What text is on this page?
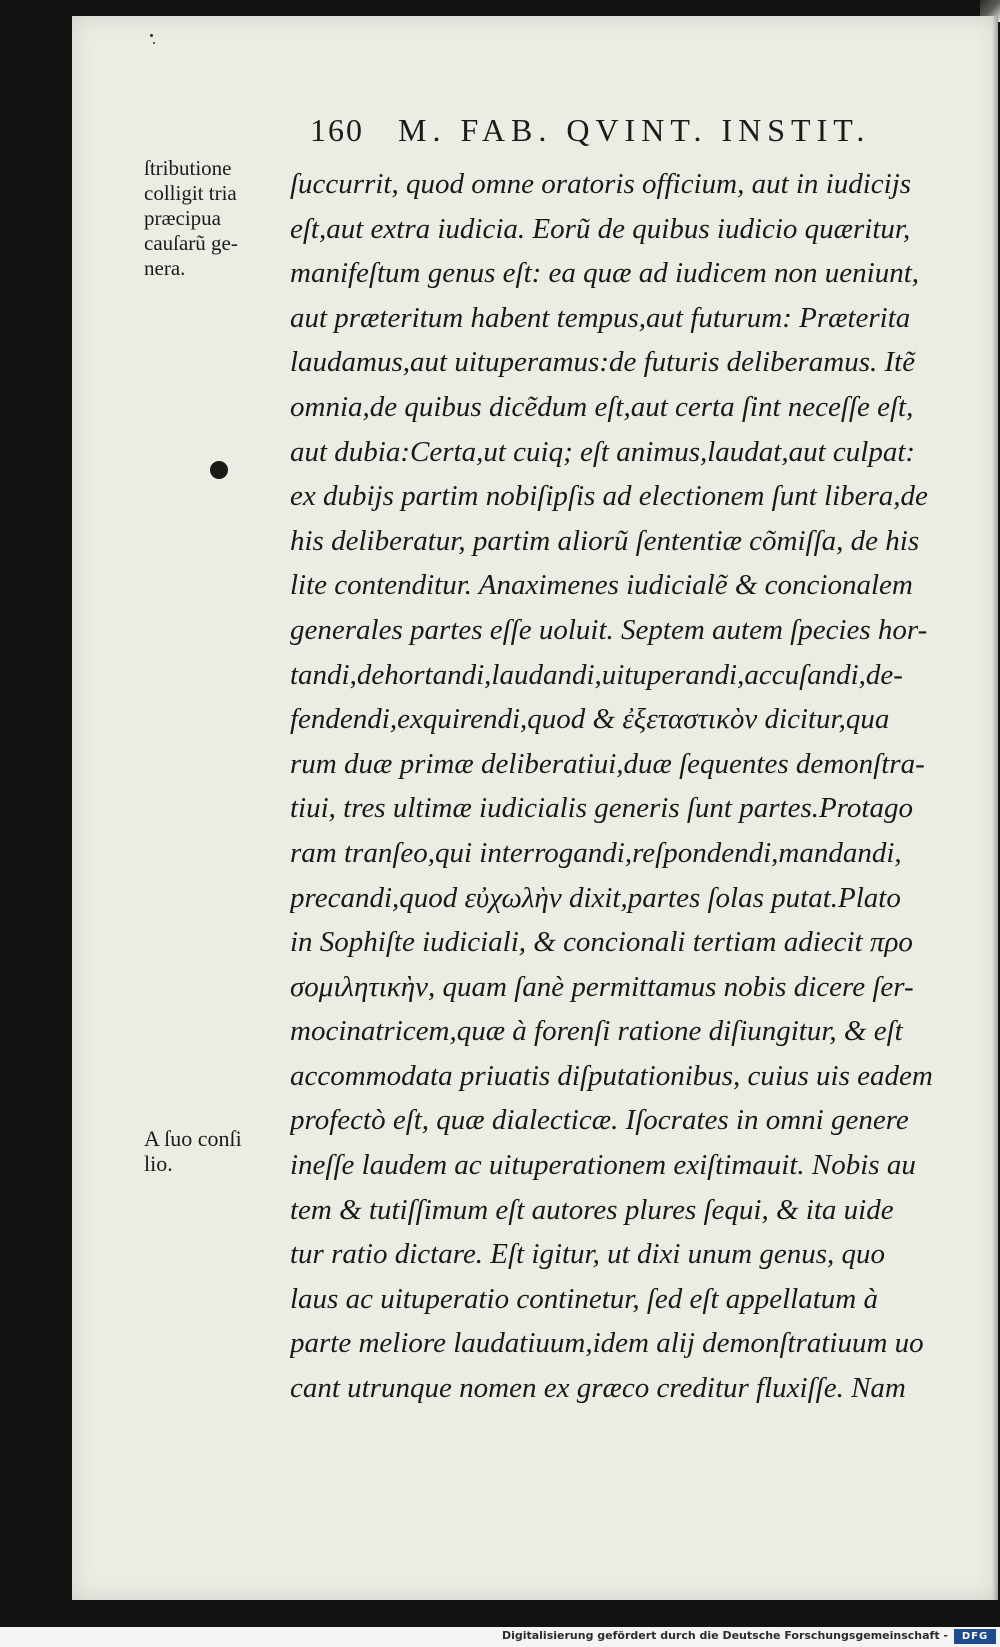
160 M. FAB. QVINT. INSTIT.
ſtributione
colligit tria
præcipua
cauſarũ ge-
nera.
A ſuo conſi
lio.
ſuccurrit, quod omne oratoris officium, aut in iudicijs
eſt,aut extra iudicia. Eorũ de quibus iudicio quæritur,
manifeſtum genus eſt: ea quæ ad iudicem non ueniunt,
aut præteritum habent tempus,aut futurum: Præterita
laudamus,aut uituperamus:de futuris deliberamus. Itẽ
omnia,de quibus dicẽdum eſt,aut certa ſint neceſſe eſt,
aut dubia:Certa,ut cuiq; eſt animus,laudat,aut culpat:
ex dubijs partim nobiſipſis ad electionem ſunt libera,de
his deliberatur, partim aliorũ ſententiæ cõmiſſa, de his
lite contenditur. Anaximenes iudicialẽ & concionalem
generales partes eſſe uoluit. Septem autem ſpecies hor-
tandi,dehortandi,laudandi,uituperandi,accuſandi,de-
fendendi,exquirendi,quod & ἐξεταστικὸν dicitur,qua
rum duæ primæ deliberatiui,duæ ſequentes demonſtra-
tiui, tres ultimæ iudicialis generis ſunt partes.Protago
ram tranſeo,qui interrogandi,reſpondendi,mandandi,
precandi,quod εὐχωλὴν dixit,partes ſolas putat.Plato
in Sophiſte iudiciali, & concionali tertiam adiecit προ
σομιλητικὴν, quam ſanè permittamus nobis dicere ſer-
mocinatricem,quæ à forenſi ratione diſiungitur, & eſt
accommodata priuatis diſputationibus, cuius uis eadem
profectò eſt, quæ dialecticæ. Iſocrates in omni genere
ineſſe laudem ac uituperationem exiſtimauit. Nobis au
tem & tutiſſimum eſt autores plures ſequi, & ita uide
tur ratio dictare. Eſt igitur, ut dixi unum genus, quo
laus ac uituperatio continetur, ſed eſt appellatum à
parte meliore laudatiuum,idem alij demonſtratiuum uo
cant utrunque nomen ex græco creditur fluxiſſe. Nam
Digitalisierung gefördert durch die Deutsche Forschungsgemeinschaft -	DFG
